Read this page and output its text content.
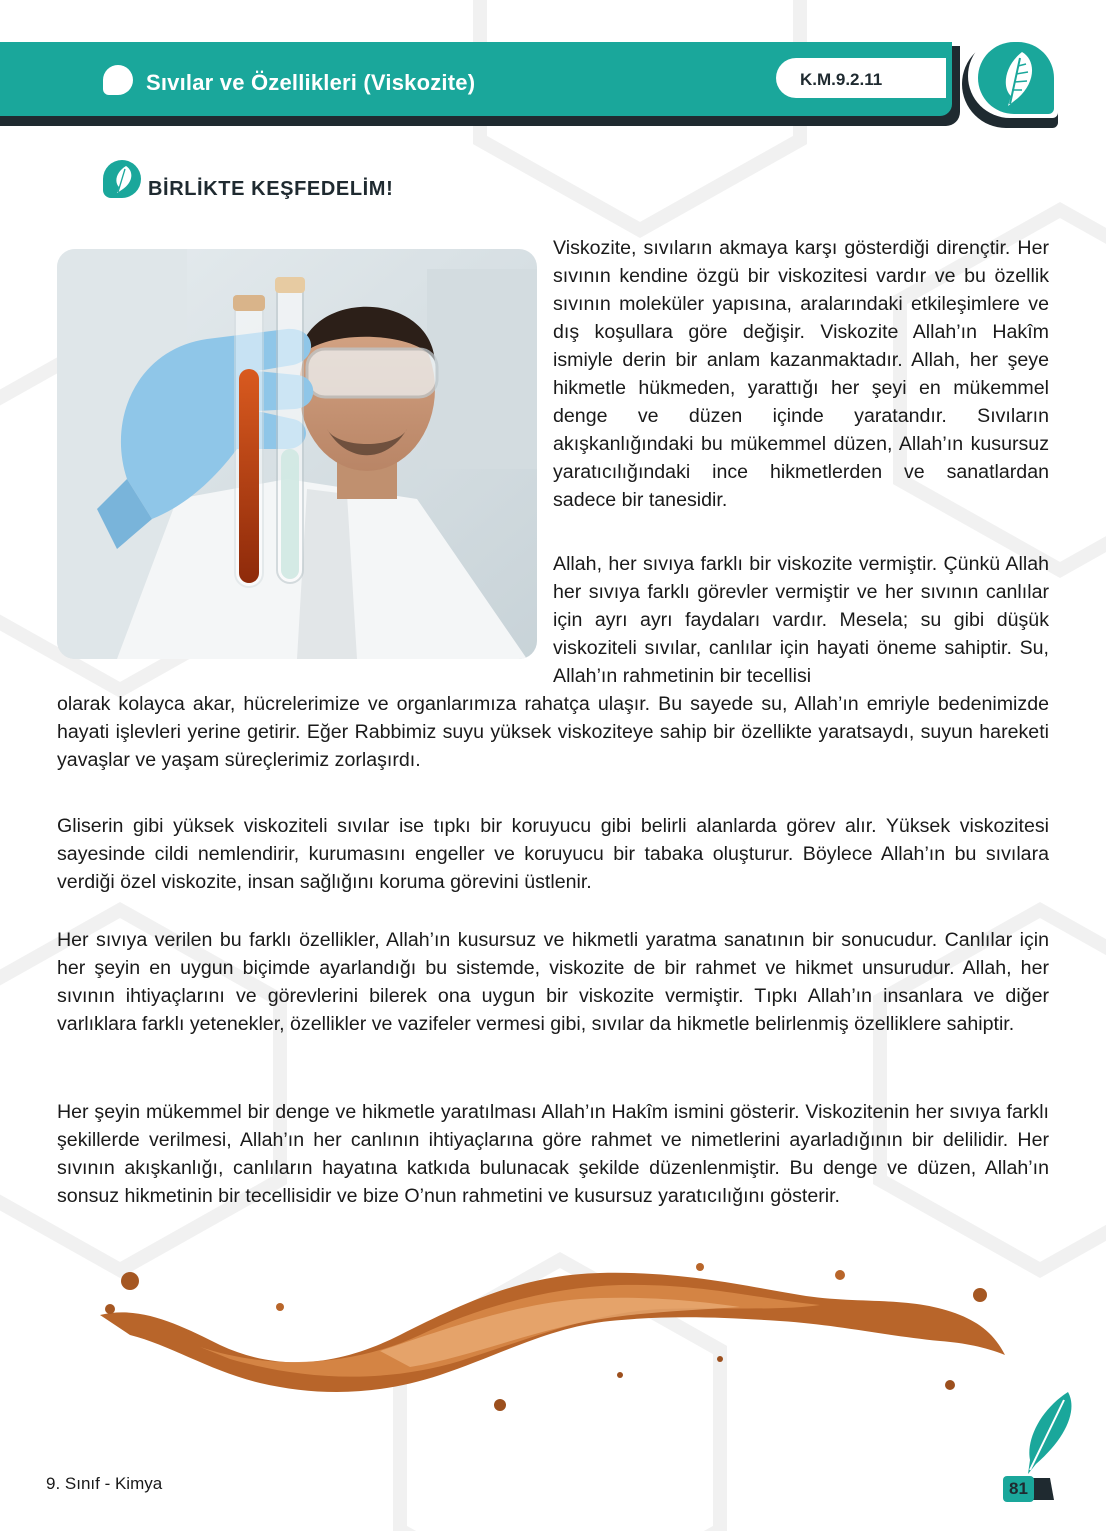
Sıvılar ve Özellikleri (Viskozite)	K.M.9.2.11
BİRLİKTE KEŞFEDELİM!

Viskozite, sıvıların akmaya karşı gösterdiği dirençtir. Her sıvının kendine özgü bir viskozitesi vardır ve bu özellik sıvının moleküler yapısına, aralarındaki etkileşimlere ve dış koşullara göre değişir. Viskozite Allah’ın Hakîm ismiyle derin bir anlam kazanmaktadır. Allah, her şeye hikmetle hükmeden, yarattığı her şeyi en mükemmel denge ve düzen içinde yaratandır. Sıvıların akışkanlığındaki bu mükemmel düzen, Allah’ın kusursuz yaratıcılığındaki ince hikmetlerden ve sanatlardan sadece bir tanesidir.

Allah, her sıvıya farklı bir viskozite vermiştir. Çünkü Allah her sıvıya farklı görevler vermiştir ve her sıvının canlılar için ayrı ayrı faydaları vardır. Mesela; su gibi düşük viskoziteli sıvılar, canlılar için hayati öneme sahiptir. Su, Allah’ın rahmetinin bir tecellisi

olarak kolayca akar, hücrelerimize ve organlarımıza rahatça ulaşır. Bu sayede su, Allah’ın emriyle bedenimizde hayati işlevleri yerine getirir. Eğer Rabbimiz suyu yüksek viskoziteye sahip bir özellikte yaratsaydı, suyun hareketi yavaşlar ve yaşam süreçlerimiz zorlaşırdı.

Gliserin gibi yüksek viskoziteli sıvılar ise tıpkı bir koruyucu gibi belirli alanlarda görev alır. Yüksek viskozitesi sayesinde cildi nemlendirir, kurumasını engeller ve koruyucu bir tabaka oluşturur. Böylece Allah’ın bu sıvılara verdiği özel viskozite, insan sağlığını koruma görevini üstlenir.

Her sıvıya verilen bu farklı özellikler, Allah’ın kusursuz ve hikmetli yaratma sanatının bir sonucudur. Canlılar için her şeyin en uygun biçimde ayarlandığı bu sistemde, viskozite de bir rahmet ve hikmet unsurudur. Allah, her sıvının ihtiyaçlarını ve görevlerini bilerek ona uygun bir viskozite vermiştir. Tıpkı Allah’ın insanlara ve diğer varlıklara farklı yetenekler, özellikler ve vazifeler vermesi gibi, sıvılar da hikmetle belirlenmiş özelliklere sahiptir.

Her şeyin mükemmel bir denge ve hikmetle yaratılması Allah’ın Hakîm ismini gösterir. Viskozitenin her sıvıya farklı şekillerde verilmesi, Allah’ın her canlının ihtiyaçlarına göre rahmet ve nimetlerini ayarladığının bir delilidir. Her sıvının akışkanlığı, canlıların hayatına katkıda bulunacak şekilde düzenlenmiştir. Bu denge ve düzen, Allah’ın sonsuz hikmetinin bir tecellisidir ve bize O’nun rahmetini ve kusursuz yaratıcılığını gösterir.

9. Sınıf - Kimya	81
